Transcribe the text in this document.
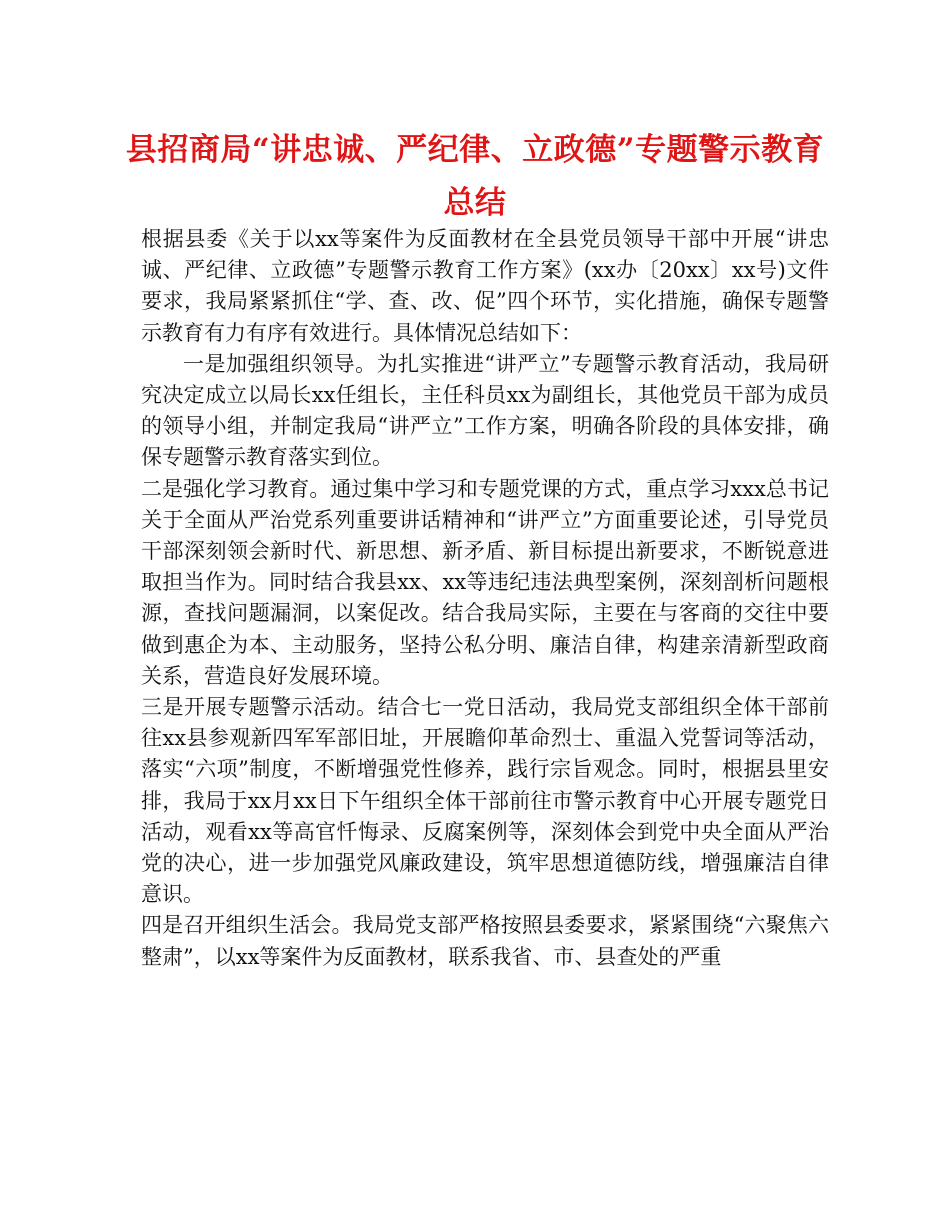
县招商局“讲忠诚、严纪律、立政德”专题警示教育总结

根据县委《关于以xx等案件为反面教材在全县党员领导干部中开展“讲忠诚、严纪律、立政德”专题警示教育工作方案》(xx办〔20xx〕xx号)文件要求，我局紧紧抓住“学、查、改、促”四个环节，实化措施，确保专题警示教育有力有序有效进行。具体情况总结如下：

一是加强组织领导。为扎实推进“讲严立”专题警示教育活动，我局研究决定成立以局长xx任组长，主任科员xx为副组长，其他党员干部为成员的领导小组，并制定我局“讲严立”工作方案，明确各阶段的具体安排，确保专题警示教育落实到位。

二是强化学习教育。通过集中学习和专题党课的方式，重点学习xxx总书记关于全面从严治党系列重要讲话精神和“讲严立”方面重要论述，引导党员干部深刻领会新时代、新思想、新矛盾、新目标提出新要求，不断锐意进取担当作为。同时结合我县xx、xx等违纪违法典型案例，深刻剖析问题根源，查找问题漏洞，以案促改。结合我局实际，主要在与客商的交往中要做到惠企为本、主动服务，坚持公私分明、廉洁自律，构建亲清新型政商关系，营造良好发展环境。

三是开展专题警示活动。结合七一党日活动，我局党支部组织全体干部前往xx县参观新四军军部旧址，开展瞻仰革命烈士、重温入党誓词等活动，落实“六项”制度，不断增强党性修养，践行宗旨观念。同时，根据县里安排，我局于xx月xx日下午组织全体干部前往市警示教育中心开展专题党日活动，观看xx等高官忏悔录、反腐案例等，深刻体会到党中央全面从严治党的决心，进一步加强党风廉政建设，筑牢思想道德防线，增强廉洁自律意识。

四是召开组织生活会。我局党支部严格按照县委要求，紧紧围绕“六聚焦六整肃”，以xx等案件为反面教材，联系我省、市、县查处的严重
